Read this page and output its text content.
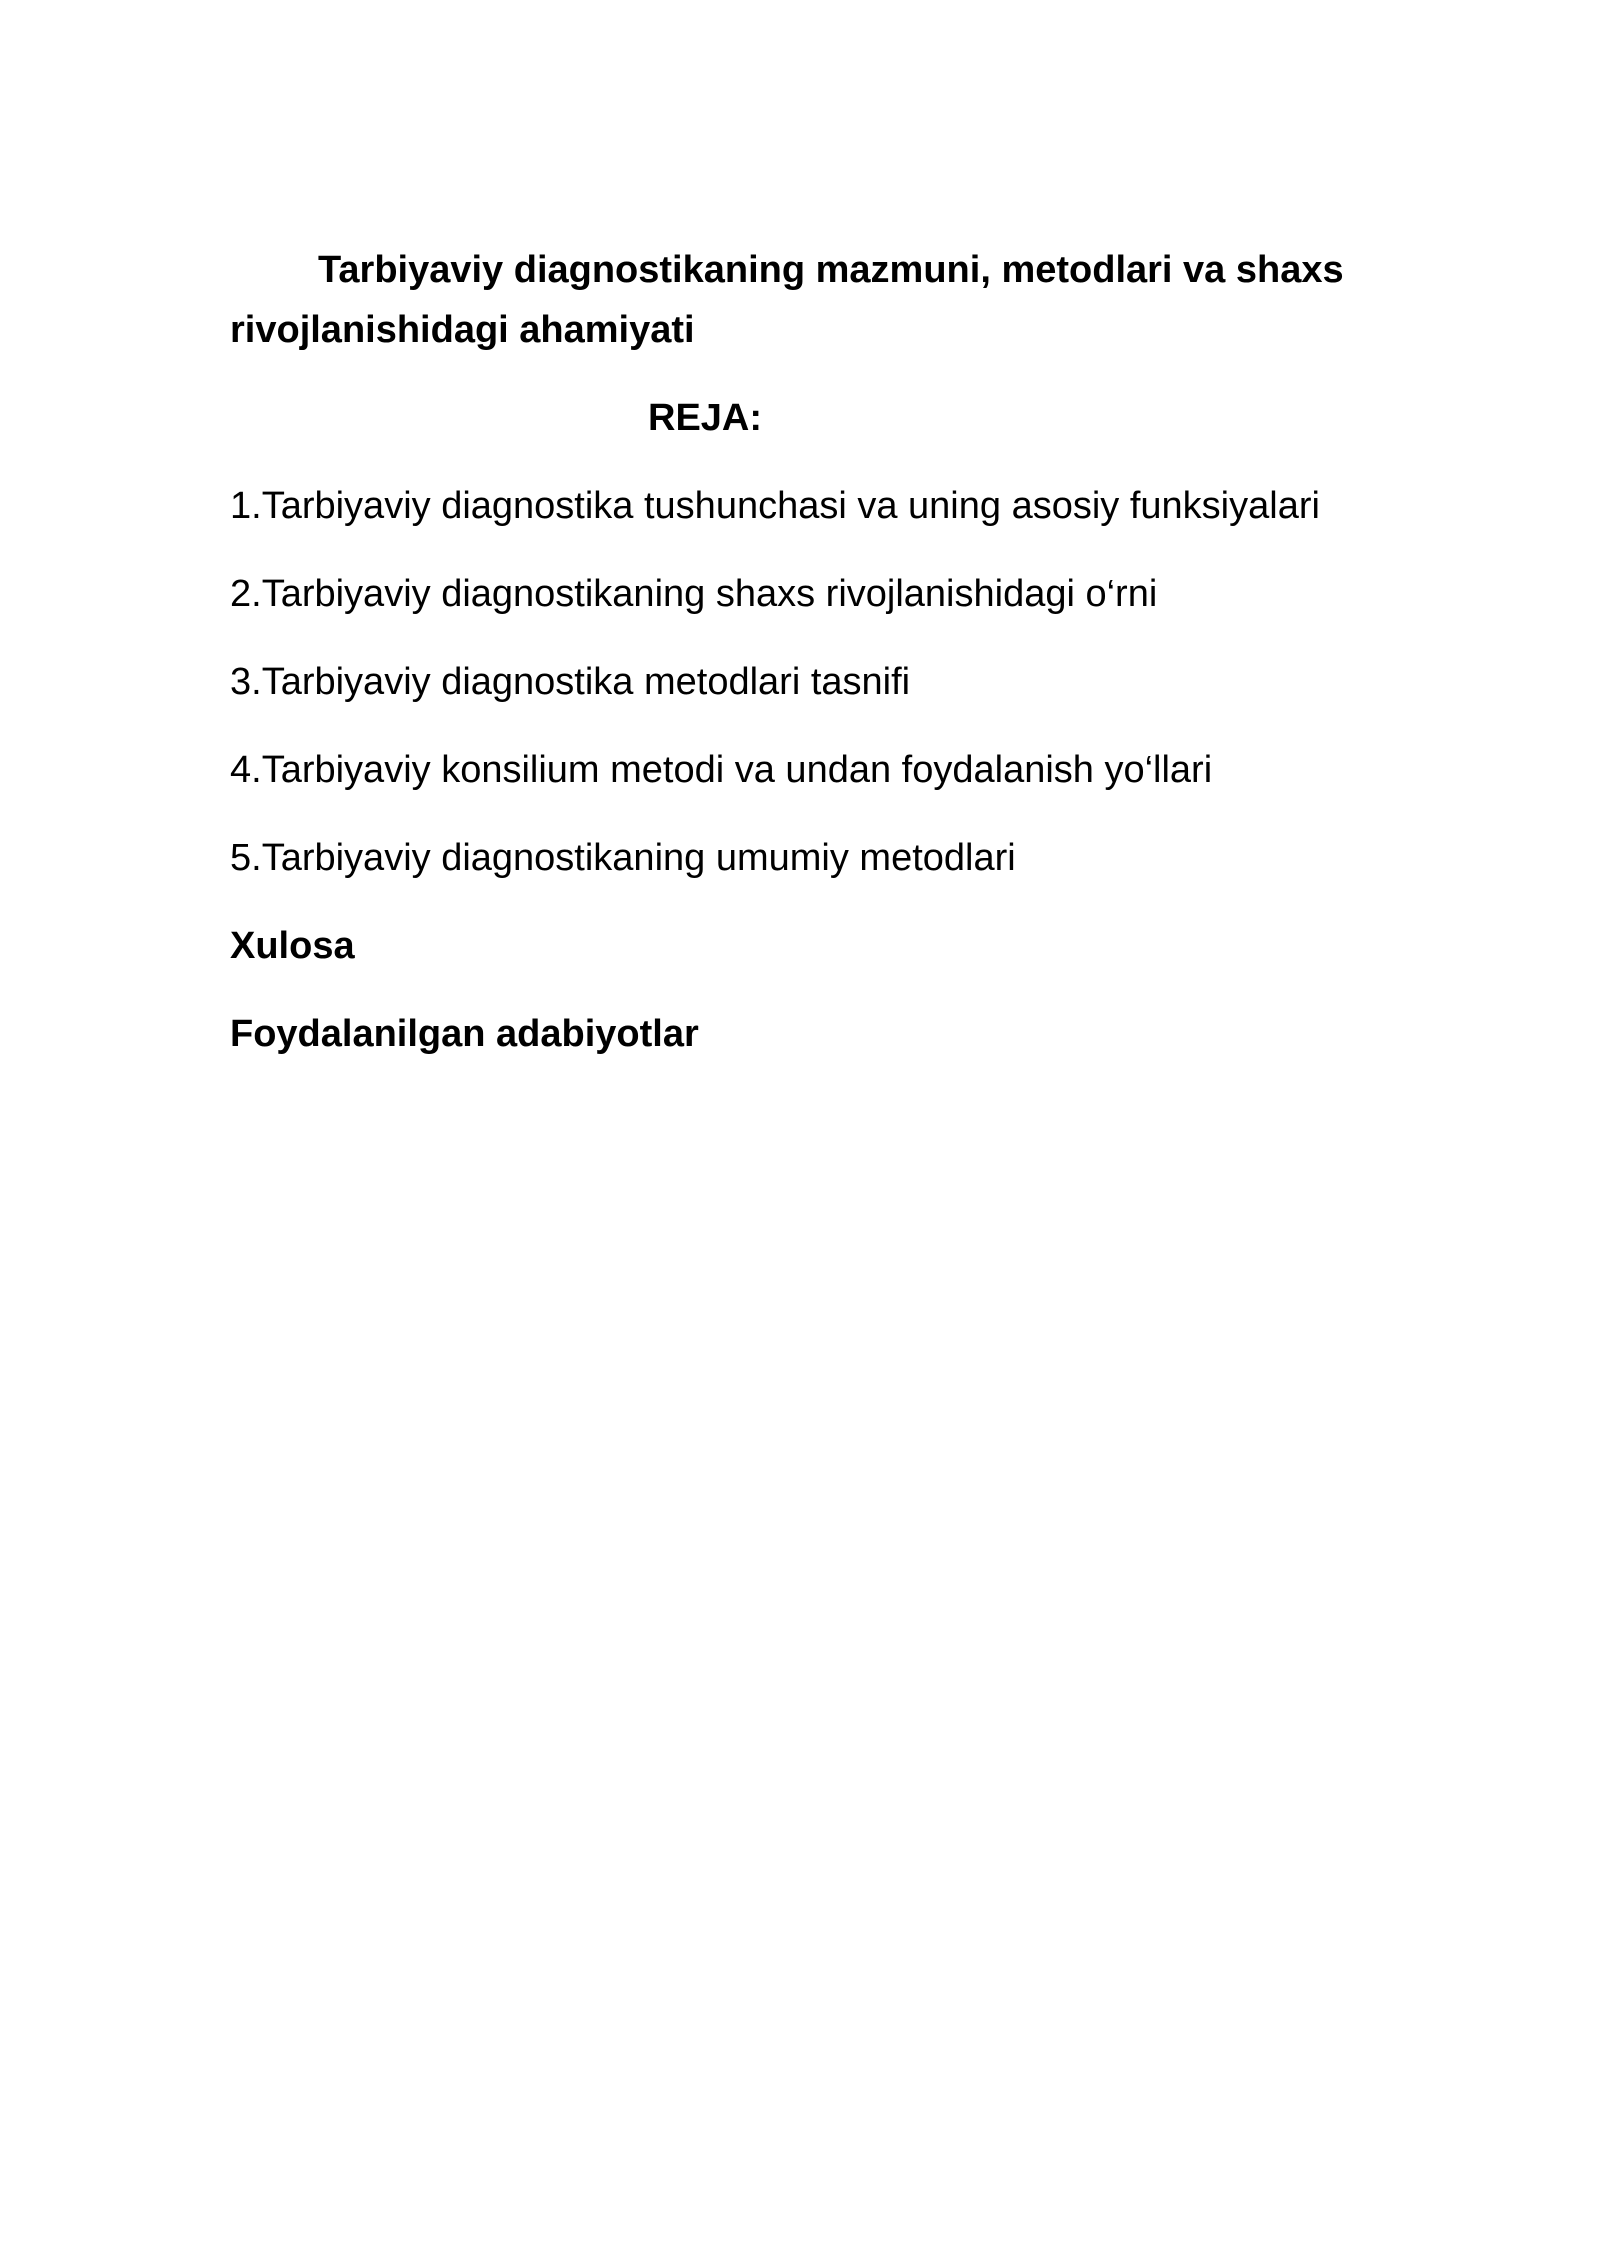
Tarbiyaviy diagnostikaning mazmuni, metodlari va shaxs rivojlanishidagi ahamiyati

REJA:

1.Tarbiyaviy diagnostika tushunchasi va uning asosiy funksiyalari
2.Tarbiyaviy diagnostikaning shaxs rivojlanishidagi o‘rni
3.Tarbiyaviy diagnostika metodlari tasnifi
4.Tarbiyaviy konsilium metodi va undan foydalanish yo‘llari
5.Tarbiyaviy diagnostikaning umumiy metodlari

Xulosa

Foydalanilgan adabiyotlar
